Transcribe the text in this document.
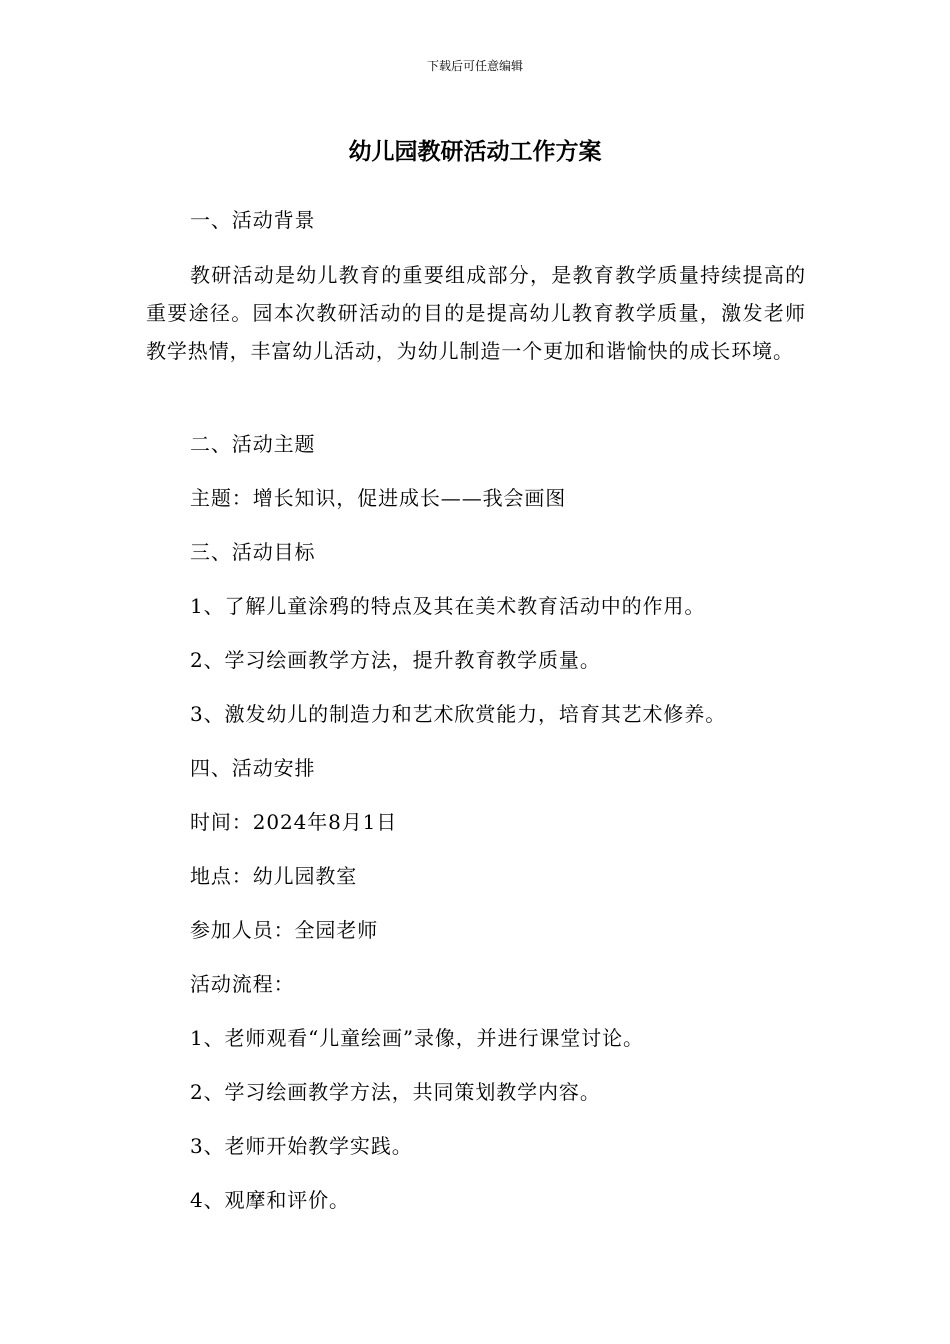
下载后可任意编辑
幼儿园教研活动工作方案
一、活动背景
教研活动是幼儿教育的重要组成部分，是教育教学质量持续提高的重要途径。园本次教研活动的目的是提高幼儿教育教学质量，激发老师教学热情，丰富幼儿活动，为幼儿制造一个更加和谐愉快的成长环境。
二、活动主题
主题：增长知识，促进成长——我会画图
三、活动目标
1、了解儿童涂鸦的特点及其在美术教育活动中的作用。
2、学习绘画教学方法，提升教育教学质量。
3、激发幼儿的制造力和艺术欣赏能力，培育其艺术修养。
四、活动安排
时间：2024年8月1日
地点：幼儿园教室
参加人员：全园老师
活动流程：
1、老师观看“儿童绘画”录像，并进行课堂讨论。
2、学习绘画教学方法，共同策划教学内容。
3、老师开始教学实践。
4、观摩和评价。
